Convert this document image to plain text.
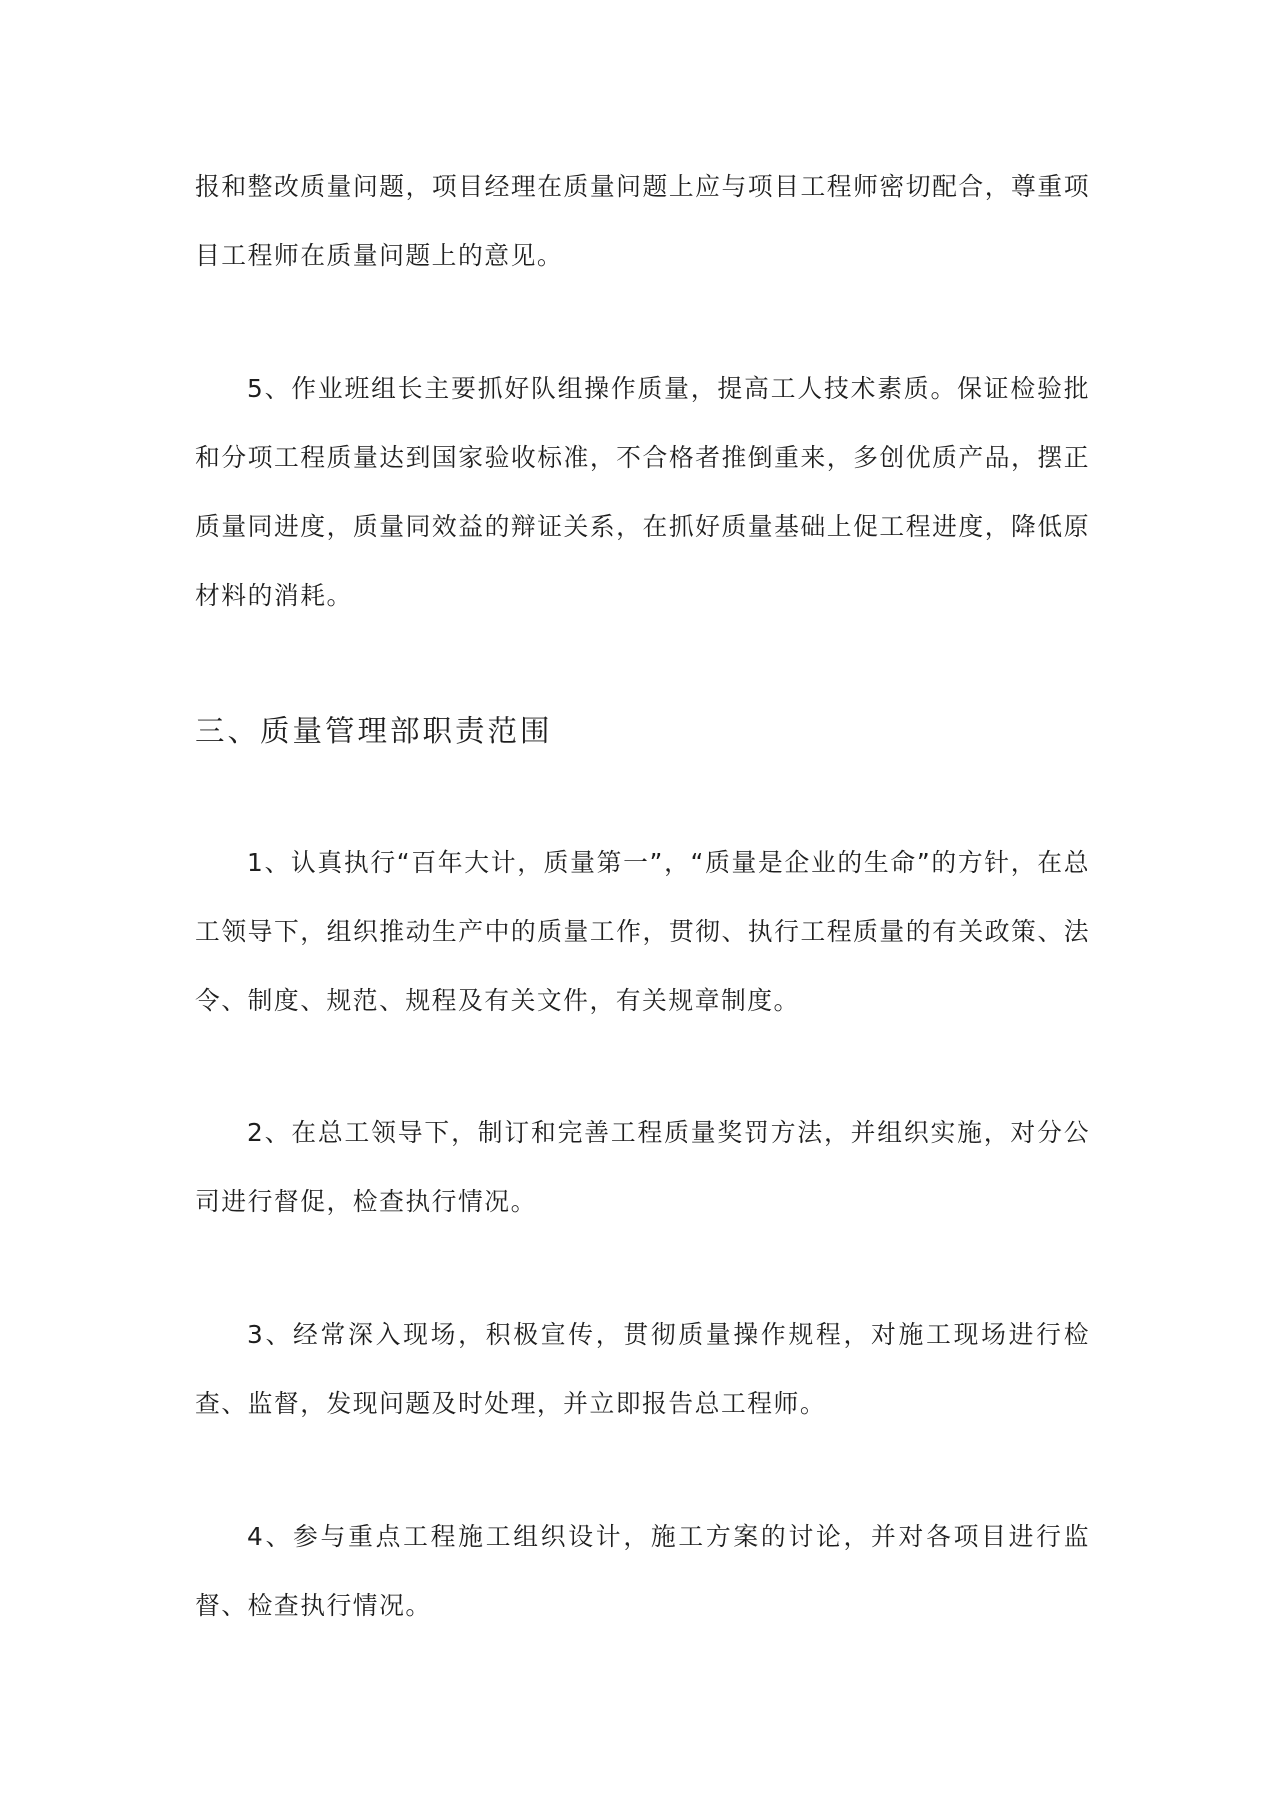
报和整改质量问题，项目经理在质量问题上应与项目工程师密切配合，尊重项目工程师在质量问题上的意见。

5、作业班组长主要抓好队组操作质量，提高工人技术素质。保证检验批和分项工程质量达到国家验收标准，不合格者推倒重来，多创优质产品，摆正质量同进度，质量同效益的辩证关系，在抓好质量基础上促工程进度，降低原材料的消耗。

三、质量管理部职责范围

1、认真执行“百年大计，质量第一”，“质量是企业的生命”的方针，在总工领导下，组织推动生产中的质量工作，贯彻、执行工程质量的有关政策、法令、制度、规范、规程及有关文件，有关规章制度。

2、在总工领导下，制订和完善工程质量奖罚方法，并组织实施，对分公司进行督促，检查执行情况。

3、经常深入现场，积极宣传，贯彻质量操作规程，对施工现场进行检查、监督，发现问题及时处理，并立即报告总工程师。

4、参与重点工程施工组织设计，施工方案的讨论，并对各项目进行监督、检查执行情况。
